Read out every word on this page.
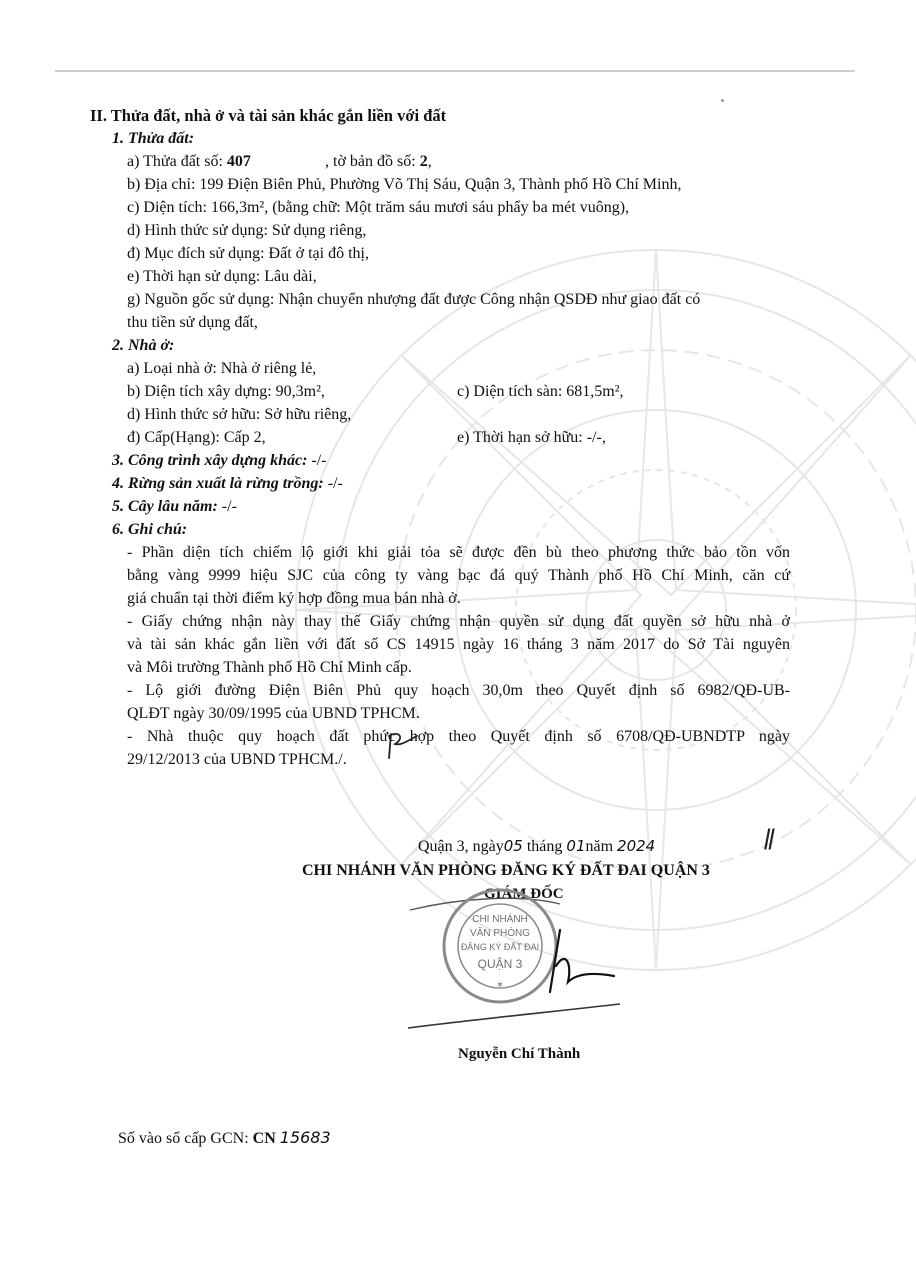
II. Thửa đất, nhà ở và tài sản khác gắn liền với đất
1. Thửa đất:
a) Thửa đất số: 407	, tờ bản đồ số: 2,
b) Địa chỉ: 199 Điện Biên Phủ, Phường Võ Thị Sáu, Quận 3, Thành phố Hồ Chí Minh,
c) Diện tích: 166,3m², (bằng chữ: Một trăm sáu mươi sáu phẩy ba mét vuông),
d) Hình thức sử dụng: Sử dụng riêng,
đ) Mục đích sử dụng: Đất ở tại đô thị,
e) Thời hạn sử dụng: Lâu dài,
g) Nguồn gốc sử dụng: Nhận chuyển nhượng đất được Công nhận QSDĐ như giao đất có
thu tiền sử dụng đất,
2. Nhà ở:
a) Loại nhà ở: Nhà ở riêng lẻ,
b) Diện tích xây dựng: 90,3m²,	c) Diện tích sàn: 681,5m²,
d) Hình thức sở hữu: Sở hữu riêng,
đ) Cấp(Hạng): Cấp 2,	e) Thời hạn sở hữu: -/-,
3. Công trình xây dựng khác: -/-
4. Rừng sản xuất là rừng trồng: -/-
5. Cây lâu năm: -/-
6. Ghi chú:
- Phần diện tích chiếm lộ giới khi giải tỏa sẽ được đền bù theo phương thức bảo tồn vốn
bằng vàng 9999 hiệu SJC của công ty vàng bạc đá quý Thành phố Hồ Chí Minh, căn cứ
giá chuẩn tại thời điểm ký hợp đồng mua bán nhà ở.
- Giấy chứng nhận này thay thế Giấy chứng nhận quyền sử dụng đất quyền sở hữu nhà ở
và tài sản khác gắn liền với đất số CS 14915 ngày 16 tháng 3 năm 2017 do Sở Tài nguyên
và Môi trường Thành phố Hồ Chí Minh cấp.
- Lộ giới đường Điện Biên Phủ quy hoạch 30,0m theo Quyết định số 6982/QĐ-UB-
QLĐT ngày 30/09/1995 của UBND TPHCM.
- Nhà thuộc quy hoạch đất phức hợp theo Quyết định số 6708/QĐ-UBNDTP ngày
29/12/2013 của UBND TPHCM./.
Quận 3, ngày05 tháng 01năm 2024	ǁ
CHI NHÁNH VĂN PHÒNG ĐĂNG KÝ ĐẤT ĐAI QUẬN 3
GIÁM ĐỐC
CHI NHÁNH
VĂN PHÒNG
ĐĂNG KÝ ĐẤT ĐAI
QUẬN 3
✶
Nguyễn Chí Thành
Số vào sổ cấp GCN: CN 15683
